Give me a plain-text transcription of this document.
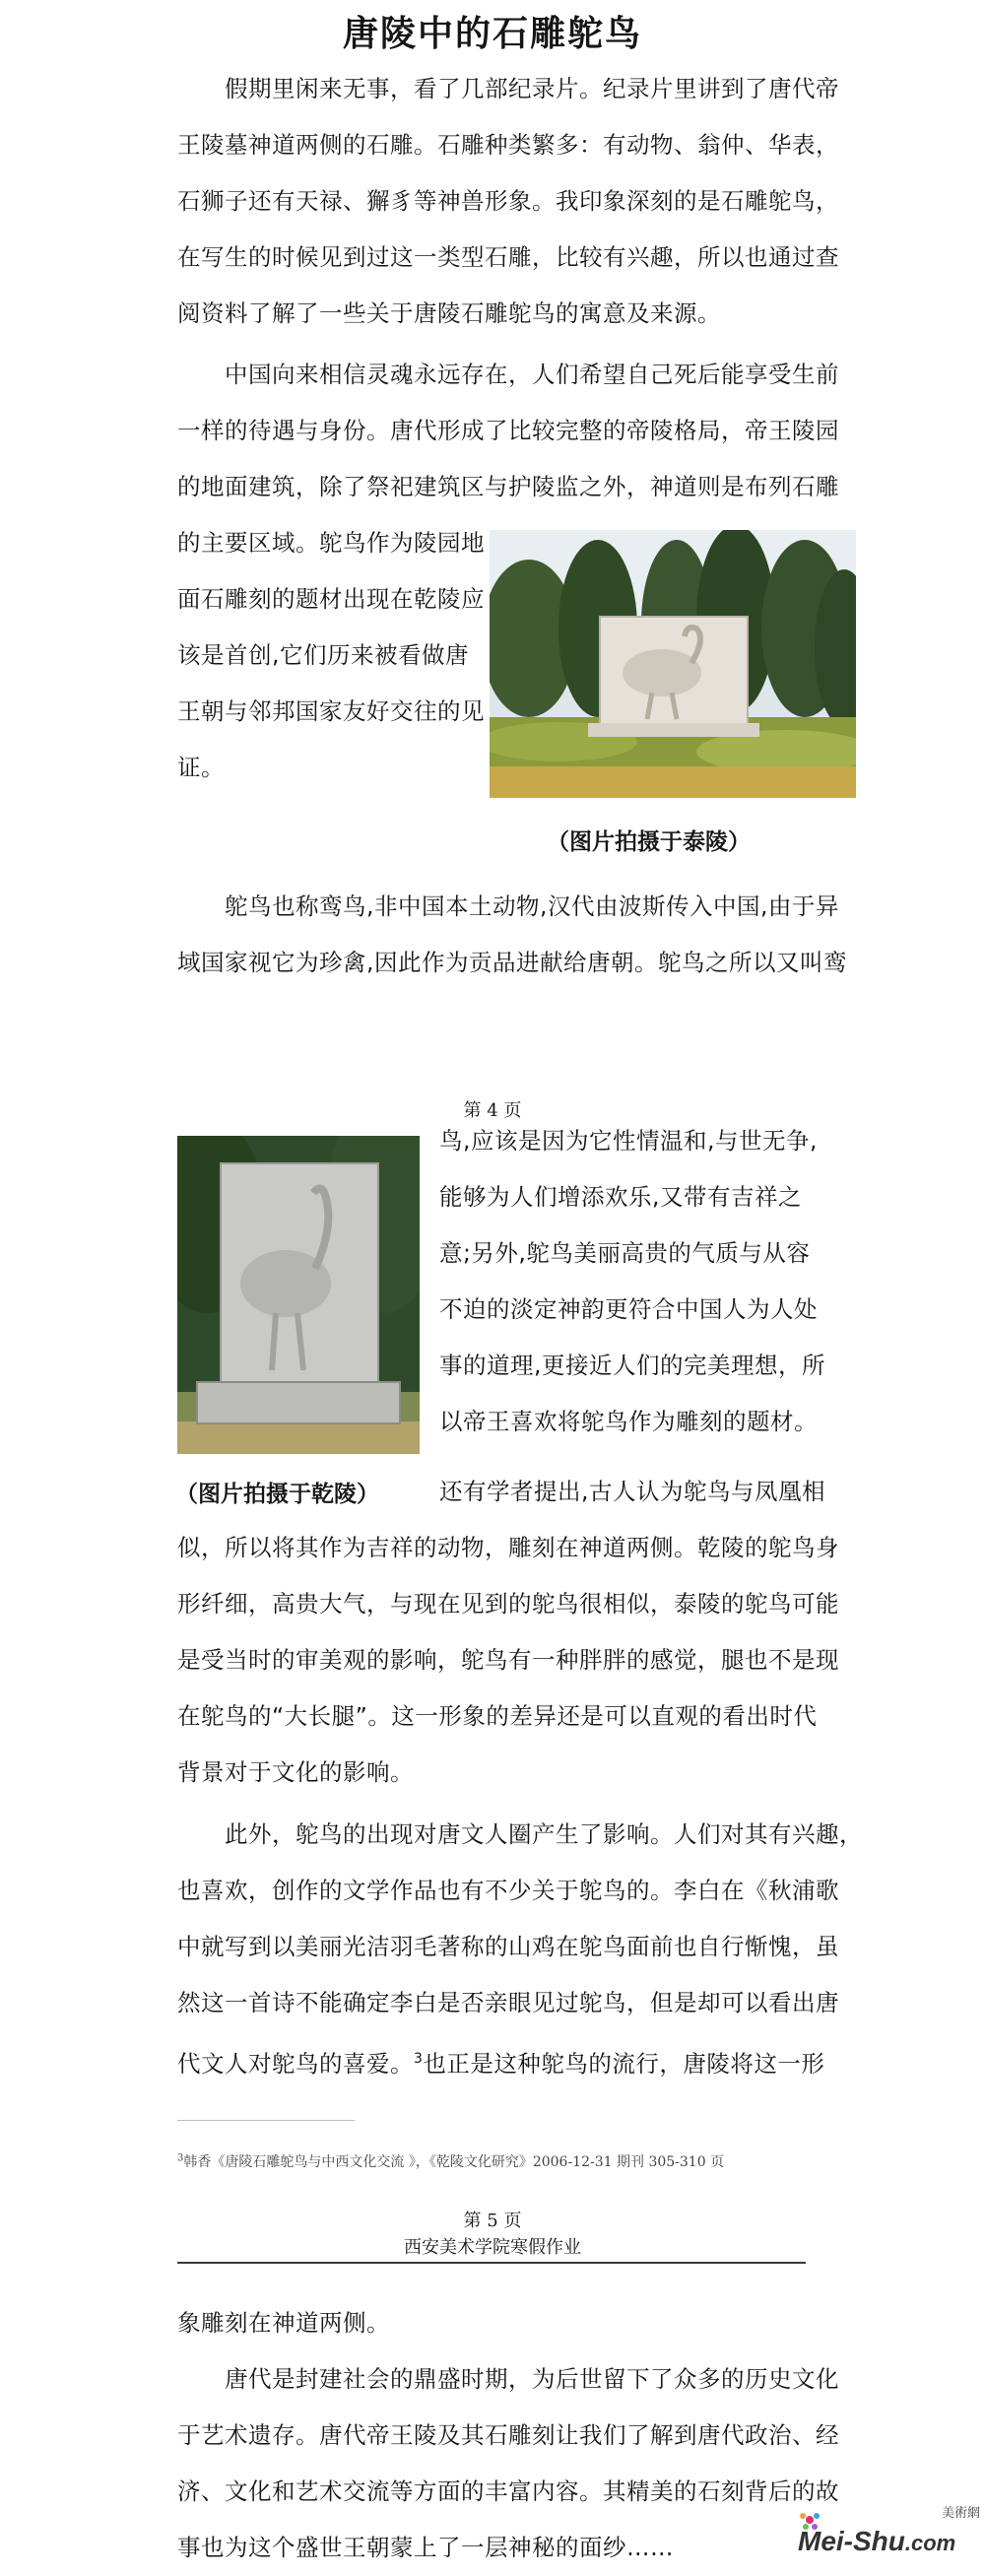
唐陵中的石雕鸵鸟
　　假期里闲来无事，看了几部纪录片。纪录片里讲到了唐代帝
王陵墓神道两侧的石雕。石雕种类繁多：有动物、翁仲、华表，
石狮子还有天禄、獬豸等神兽形象。我印象深刻的是石雕鸵鸟，
在写生的时候见到过这一类型石雕，比较有兴趣，所以也通过查
阅资料了解了一些关于唐陵石雕鸵鸟的寓意及来源。
　　中国向来相信灵魂永远存在，人们希望自己死后能享受生前
一样的待遇与身份。唐代形成了比较完整的帝陵格局，帝王陵园
的地面建筑，除了祭祀建筑区与护陵监之外，神道则是布列石雕
的主要区域。鸵鸟作为陵园地
面石雕刻的题材出现在乾陵应
该是首创,它们历来被看做唐
王朝与邻邦国家友好交往的见
证。
（图片拍摄于泰陵）
　　鸵鸟也称鸾鸟,非中国本土动物,汉代由波斯传入中国,由于异
域国家视它为珍禽,因此作为贡品进献给唐朝。鸵鸟之所以又叫鸾
第 4 页
鸟,应该是因为它性情温和,与世无争,
能够为人们增添欢乐,又带有吉祥之
意;另外,鸵鸟美丽高贵的气质与从容
不迫的淡定神韵更符合中国人为人处
事的道理,更接近人们的完美理想，所
以帝王喜欢将鸵鸟作为雕刻的题材。
（图片拍摄于乾陵）	还有学者提出,古人认为鸵鸟与凤凰相
似，所以将其作为吉祥的动物，雕刻在神道两侧。乾陵的鸵鸟身
形纤细，高贵大气，与现在见到的鸵鸟很相似，泰陵的鸵鸟可能
是受当时的审美观的影响，鸵鸟有一种胖胖的感觉，腿也不是现
在鸵鸟的“大长腿”。这一形象的差异还是可以直观的看出时代
背景对于文化的影响。
　　此外，鸵鸟的出现对唐文人圈产生了影响。人们对其有兴趣，
也喜欢，创作的文学作品也有不少关于鸵鸟的。李白在《秋浦歌
中就写到以美丽光洁羽毛著称的山鸡在鸵鸟面前也自行惭愧，虽
然这一首诗不能确定李白是否亲眼见过鸵鸟，但是却可以看出唐
代文人对鸵鸟的喜爱。$^3$也正是这种鸵鸟的流行，唐陵将这一形
$^3$韩香《唐陵石雕鸵鸟与中西文化交流 》，《乾陵文化研究》2006-12-31 期刊 305-310 页
第 5 页
西安美术学院寒假作业
象雕刻在神道两侧。
　　唐代是封建社会的鼎盛时期，为后世留下了众多的历史文化
于艺术遗存。唐代帝王陵及其石雕刻让我们了解到唐代政治、经
济、文化和艺术交流等方面的丰富内容。其精美的石刻背后的故
事也为这个盛世王朝蒙上了一层神秘的面纱……
美術網
Mei-Shu.com
